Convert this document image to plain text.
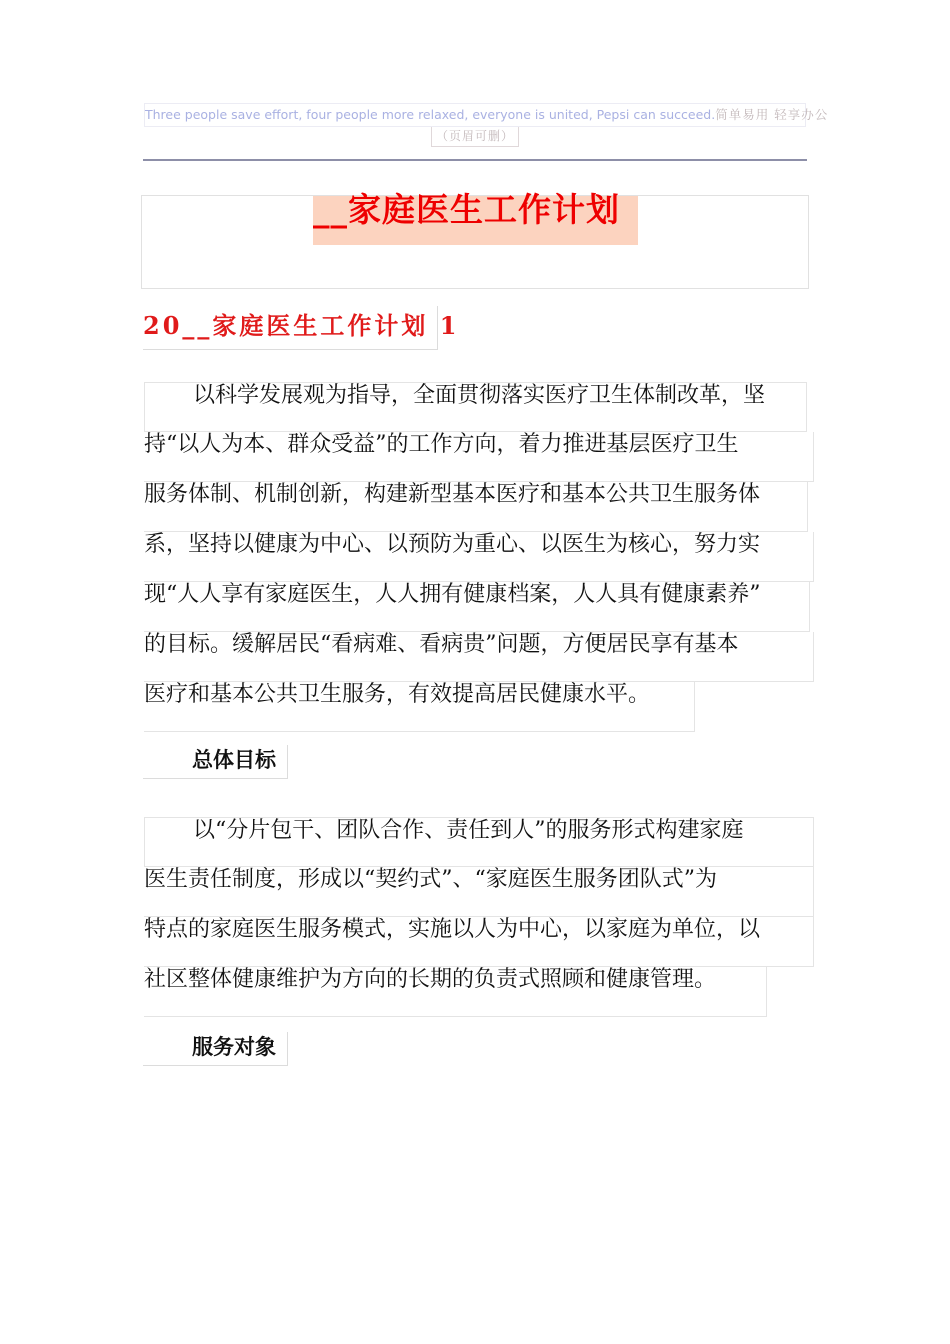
Three people save effort, four people more relaxed, everyone is united, Pepsi can succeed.简单易用 轻享办公
（页眉可删）
__家庭医生工作计划
20__家庭医生工作计划 1
以科学发展观为指导，全面贯彻落实医疗卫生体制改革，坚
持“以人为本、群众受益”的工作方向，着力推进基层医疗卫生
服务体制、机制创新，构建新型基本医疗和基本公共卫生服务体
系，坚持以健康为中心、以预防为重心、以医生为核心，努力实
现“人人享有家庭医生，人人拥有健康档案，人人具有健康素养”
的目标。缓解居民“看病难、看病贵”问题，方便居民享有基本
医疗和基本公共卫生服务，有效提高居民健康水平。
总体目标
以“分片包干、团队合作、责任到人”的服务形式构建家庭
医生责任制度，形成以“契约式”、“家庭医生服务团队式”为
特点的家庭医生服务模式，实施以人为中心，以家庭为单位，以
社区整体健康维护为方向的长期的负责式照顾和健康管理。
服务对象
